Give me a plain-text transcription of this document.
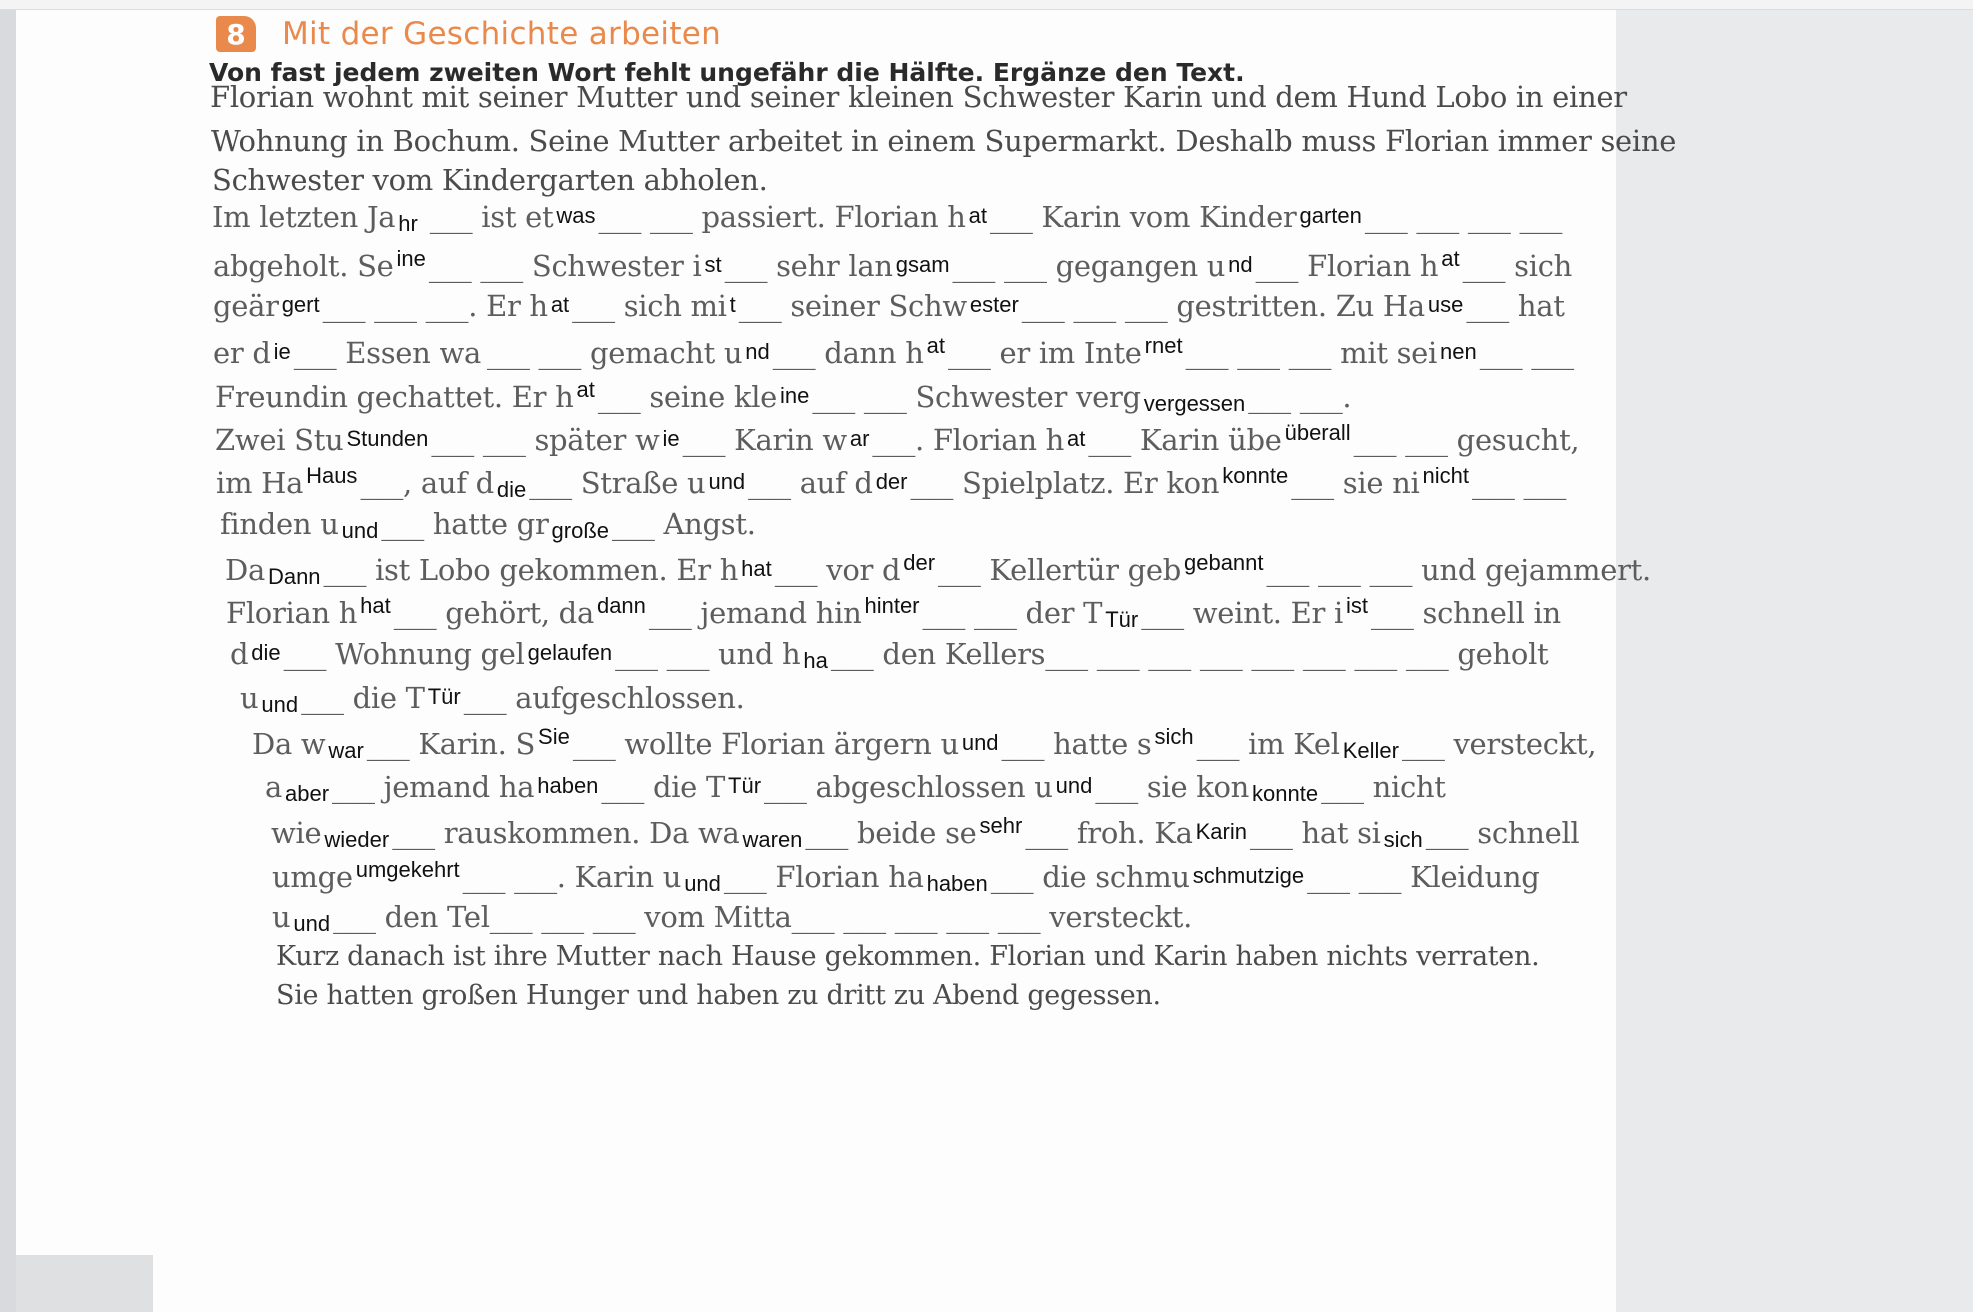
8	Mit der Geschichte arbeiten
Von fast jedem zweiten Wort fehlt ungefähr die Hälfte. Ergänze den Text.
Florian wohnt mit seiner Mutter und seiner kleinen Schwester Karin und dem Hund Lobo in einer
Wohnung in Bochum. Seine Mutter arbeitet in einem Supermarkt. Deshalb muss Florian immer seine
Schwester vom Kindergarten abholen.
Im letzten Ja hr ___ ist et was ___ ___ passiert. Florian h at ___ Karin vom Kinder garten ___ ___ ___ ___
abgeholt. Se ine ___ ___ Schwester i st ___ sehr lan gsam ___ ___ gegangen u nd ___ Florian h at ___ sich
geär gert ___ ___ ___. Er h at ___ sich mi t ___ seiner Schw ester ___ ___ ___ gestritten. Zu Ha use ___ hat
er d ie ___ Essen wa ___ ___ gemacht u nd ___ dann h at ___ er im Inte rnet ___ ___ ___ mit sei nen ___ ___
Freundin gechattet. Er h at ___ seine kle ine ___ ___ Schwester verg vergessen ___ ___.
Zwei Stu Stunden ___ ___ später w ie ___ Karin w ar ___. Florian h at ___ Karin übe überall ___ ___ gesucht,
im Ha Haus ___, auf d die ___ Straße u und ___ auf d der ___ Spielplatz. Er kon konnte ___ sie ni nicht ___ ___
finden u und ___ hatte gr große ___ Angst.
Da Dann ___ ist Lobo gekommen. Er h hat ___ vor d der ___ Kellertür geb gebannt ___ ___ ___ und gejammert.
Florian h hat ___ gehört, da dann ___ jemand hin hinter ___ ___ der T Tür ___ weint. Er i ist ___ schnell in
d die ___ Wohnung gel gelaufen ___ ___ und h ha ___ den Kellers___ ___ ___ ___ ___ ___ ___ ___ geholt
u und ___ die T Tür ___ aufgeschlossen.
Da w war ___ Karin. S Sie ___ wollte Florian ärgern u und ___ hatte s sich ___ im Kel Keller ___ versteckt,
a aber ___ jemand ha haben ___ die T Tür ___ abgeschlossen u und ___ sie kon konnte ___ nicht
wie wieder ___ rauskommen. Da wa waren ___ beide se sehr ___ froh. Ka Karin ___ hat si sich ___ schnell
umge umgekehrt ___ ___. Karin u und ___ Florian ha haben ___ die schmu schmutzige ___ ___ Kleidung
u und ___ den Tel___ ___ ___ vom Mitta___ ___ ___ ___ ___ versteckt.
Kurz danach ist ihre Mutter nach Hause gekommen. Florian und Karin haben nichts verraten.
Sie hatten großen Hunger und haben zu dritt zu Abend gegessen.
